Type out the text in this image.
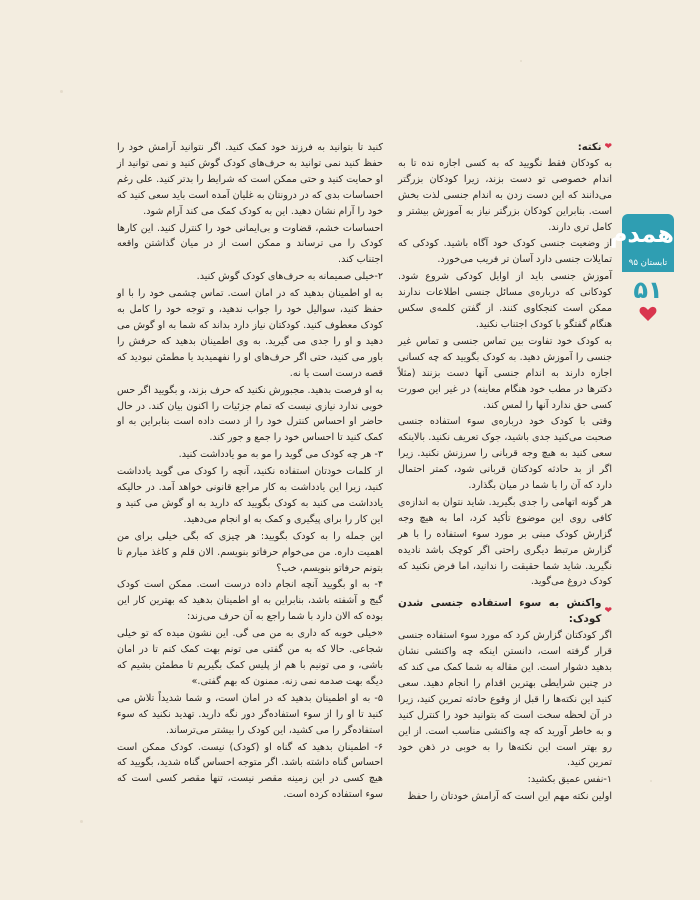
❤
نکته:

به کودکان فقط نگویید که به کسی اجازه نده تا به اندام خصوصی تو دست بزند، زیرا کودکان بزرگتر می‌دانند که این دست زدن به اندام جنسی لذت بخش است. بنابراین کودکان بزرگتر نیاز به آموزش بیشتر و کامل تری دارند.

از وضعیت جنسی کودک خود آگاه باشید. کودکی که تمایلات جنسی دارد آسان تر فریب می‌خورد.

آموزش جنسی باید از اوایل کودکی شروع شود. کودکانی که درباره‌ی مسائل جنسی اطلاعات ندارند ممکن است کنجکاوی کنند. از گفتن کلمه‌ی سکس هنگام گفتگو با کودک اجتناب نکنید.

به کودک خود تفاوت بین تماس جنسی و تماس غیر جنسی را آموزش دهید. به کودک بگویید که چه کسانی اجازه دارند به اندام جنسی آنها دست بزنند (مثلاً دکترها در مطب خود هنگام معاینه) در غیر این صورت کسی حق ندارد آنها را لمس کند.

وقتی با کودک خود درباره‌ی سوء استفاده جنسی صحبت می‌کنید جدی باشید، جوک تعریف نکنید. بالاینکه سعی کنید به هیچ وجه قربانی را سرزنش نکنید. زیرا اگر از بد حادثه کودکتان قربانی شود، کمتر احتمال دارد که آن را با شما در میان بگذارد.

هر گونه اتهامی را جدی بگیرید. شاید نتوان به اندازه‌ی کافی روی این موضوع تأکید کرد، اما به هیچ وجه گزارش کودک مبنی بر مورد سوء استفاده را با هر گزارش مرتبط دیگری راحتی اگر کوچک باشد نادیده نگیرید. شاید شما حقیقت را ندانید، اما فرض نکنید که کودک دروغ می‌گوید.

❤
واکنش به سوء استفاده جنسی شدن کودک:

اگر کودکتان گزارش کرد که مورد سوء استفاده جنسی قرار گرفته است، دانستن اینکه چه واکنشی نشان بدهید دشوار است. این مقاله به شما کمک می کند که در چنین شرایطی بهترین اقدام را انجام دهید. سعی کنید این نکته‌ها را قبل از وقوع حادثه تمرین کنید، زیرا در آن لحظه سخت است که بتوانید خود را کنترل کنید و به خاطر آورید که چه واکنشی مناسب است. از این رو بهتر است این نکته‌ها را به خوبی در ذهن خود تمرین کنید.

۱-نفس عمیق بکشید:

اولین نکته مهم این است که آرامش خودتان را حفظ

کنید تا بتوانید به فرزند خود کمک کنید. اگر نتوانید آرامش خود را حفظ کنید نمی توانید به حرف‌های کودک گوش کنید و نمی توانید از او حمایت کنید و حتی ممکن است که شرایط را بدتر کنید. علی رغم احساسات بدی که در درونتان به غلیان آمده است باید سعی کنید که خود را آرام نشان دهید. این به کودک کمک می کند آرام شود.

احساسات خشم، قضاوت و بی‌ایمانی خود را کنترل کنید. این کارها کودک را می ترساند و ممکن است از در میان گذاشتن واقعه اجتناب کند.

۲-خیلی صمیمانه به حرف‌های کودک گوش کنید.

به او اطمینان بدهید که در امان است. تماس چشمی خود را با او حفظ کنید، سوالیل خود را جواب ندهید، و توجه خود را کامل به کودک معطوف کنید. کودکتان نیاز دارد بداند که شما به او گوش می دهید و او را جدی می گیرید. به وی اطمینان بدهید که حرفش را باور می کنید، حتی اگر حرف‌های او را نفهمیدید یا مطمئن نبودید که قصه درست است یا نه.

به او فرصت بدهید. مجبورش نکنید که حرف بزند، و بگویید اگر حس خوبی ندارد نیازی نیست که تمام جزئیات را اکنون بیان کند. در حال حاضر او احساس کنترل خود را از دست داده است بنابراین به او کمک کنید تا احساس خود را جمع و جور کند.

۳- هر چه کودک می گوید را مو به مو یادداشت کنید.

از کلمات خودتان استفاده نکنید، آنچه را کودک می گوید یادداشت کنید، زیرا این یادداشت به کار مراجع قانونی خواهد آمد. در حالیکه یادداشت می کنید به کودک بگویید که دارید به او گوش می کنید و این کار را برای پیگیری و کمک به او انجام می‌دهید.

این جمله را به کودک بگویید: هر چیزی که بگی خیلی برای من اهمیت داره. من می‌خوام حرفاتو بنویسم. الان قلم و کاغذ میارم تا بتونم حرفاتو بنویسم، خب؟

۴- به او بگویید آنچه انجام داده درست است. ممکن است کودک گیج و آشفته باشد، بنابراین به او اطمینان بدهید که بهترین کار این بوده که الان دارد با شما راجع به آن حرف می‌زند:

«خیلی خوبه که داری به من می گی. این نشون میده که تو خیلی شجاعی. حالا که به من گفتی می تونم بهت کمک کنم تا در امان باشی، و می تونیم با هم از پلیس کمک بگیریم تا مطمئن بشیم که دیگه بهت صدمه نمی زنه. ممنون که بهم گفتی.»

۵- به او اطمینان بدهید که در امان است، و شما شدیداً تلاش می کنید تا او را از سوء استفاده‌گر دور نگه دارید. تهدید نکنید که سوء استفاده‌گر را می کشید، این کودک را بیشتر می‌ترساند.

۶- اطمینان بدهید که گناه او (کودک) نیست. کودک ممکن است احساس گناه داشته باشد. اگر متوجه احساس گناه شدید، بگویید که هیچ کسی در این زمینه مقصر نیست، تنها مقصر کسی است که سوء استفاده کرده است.

همدم
تابستان ۹۵
۵۱
